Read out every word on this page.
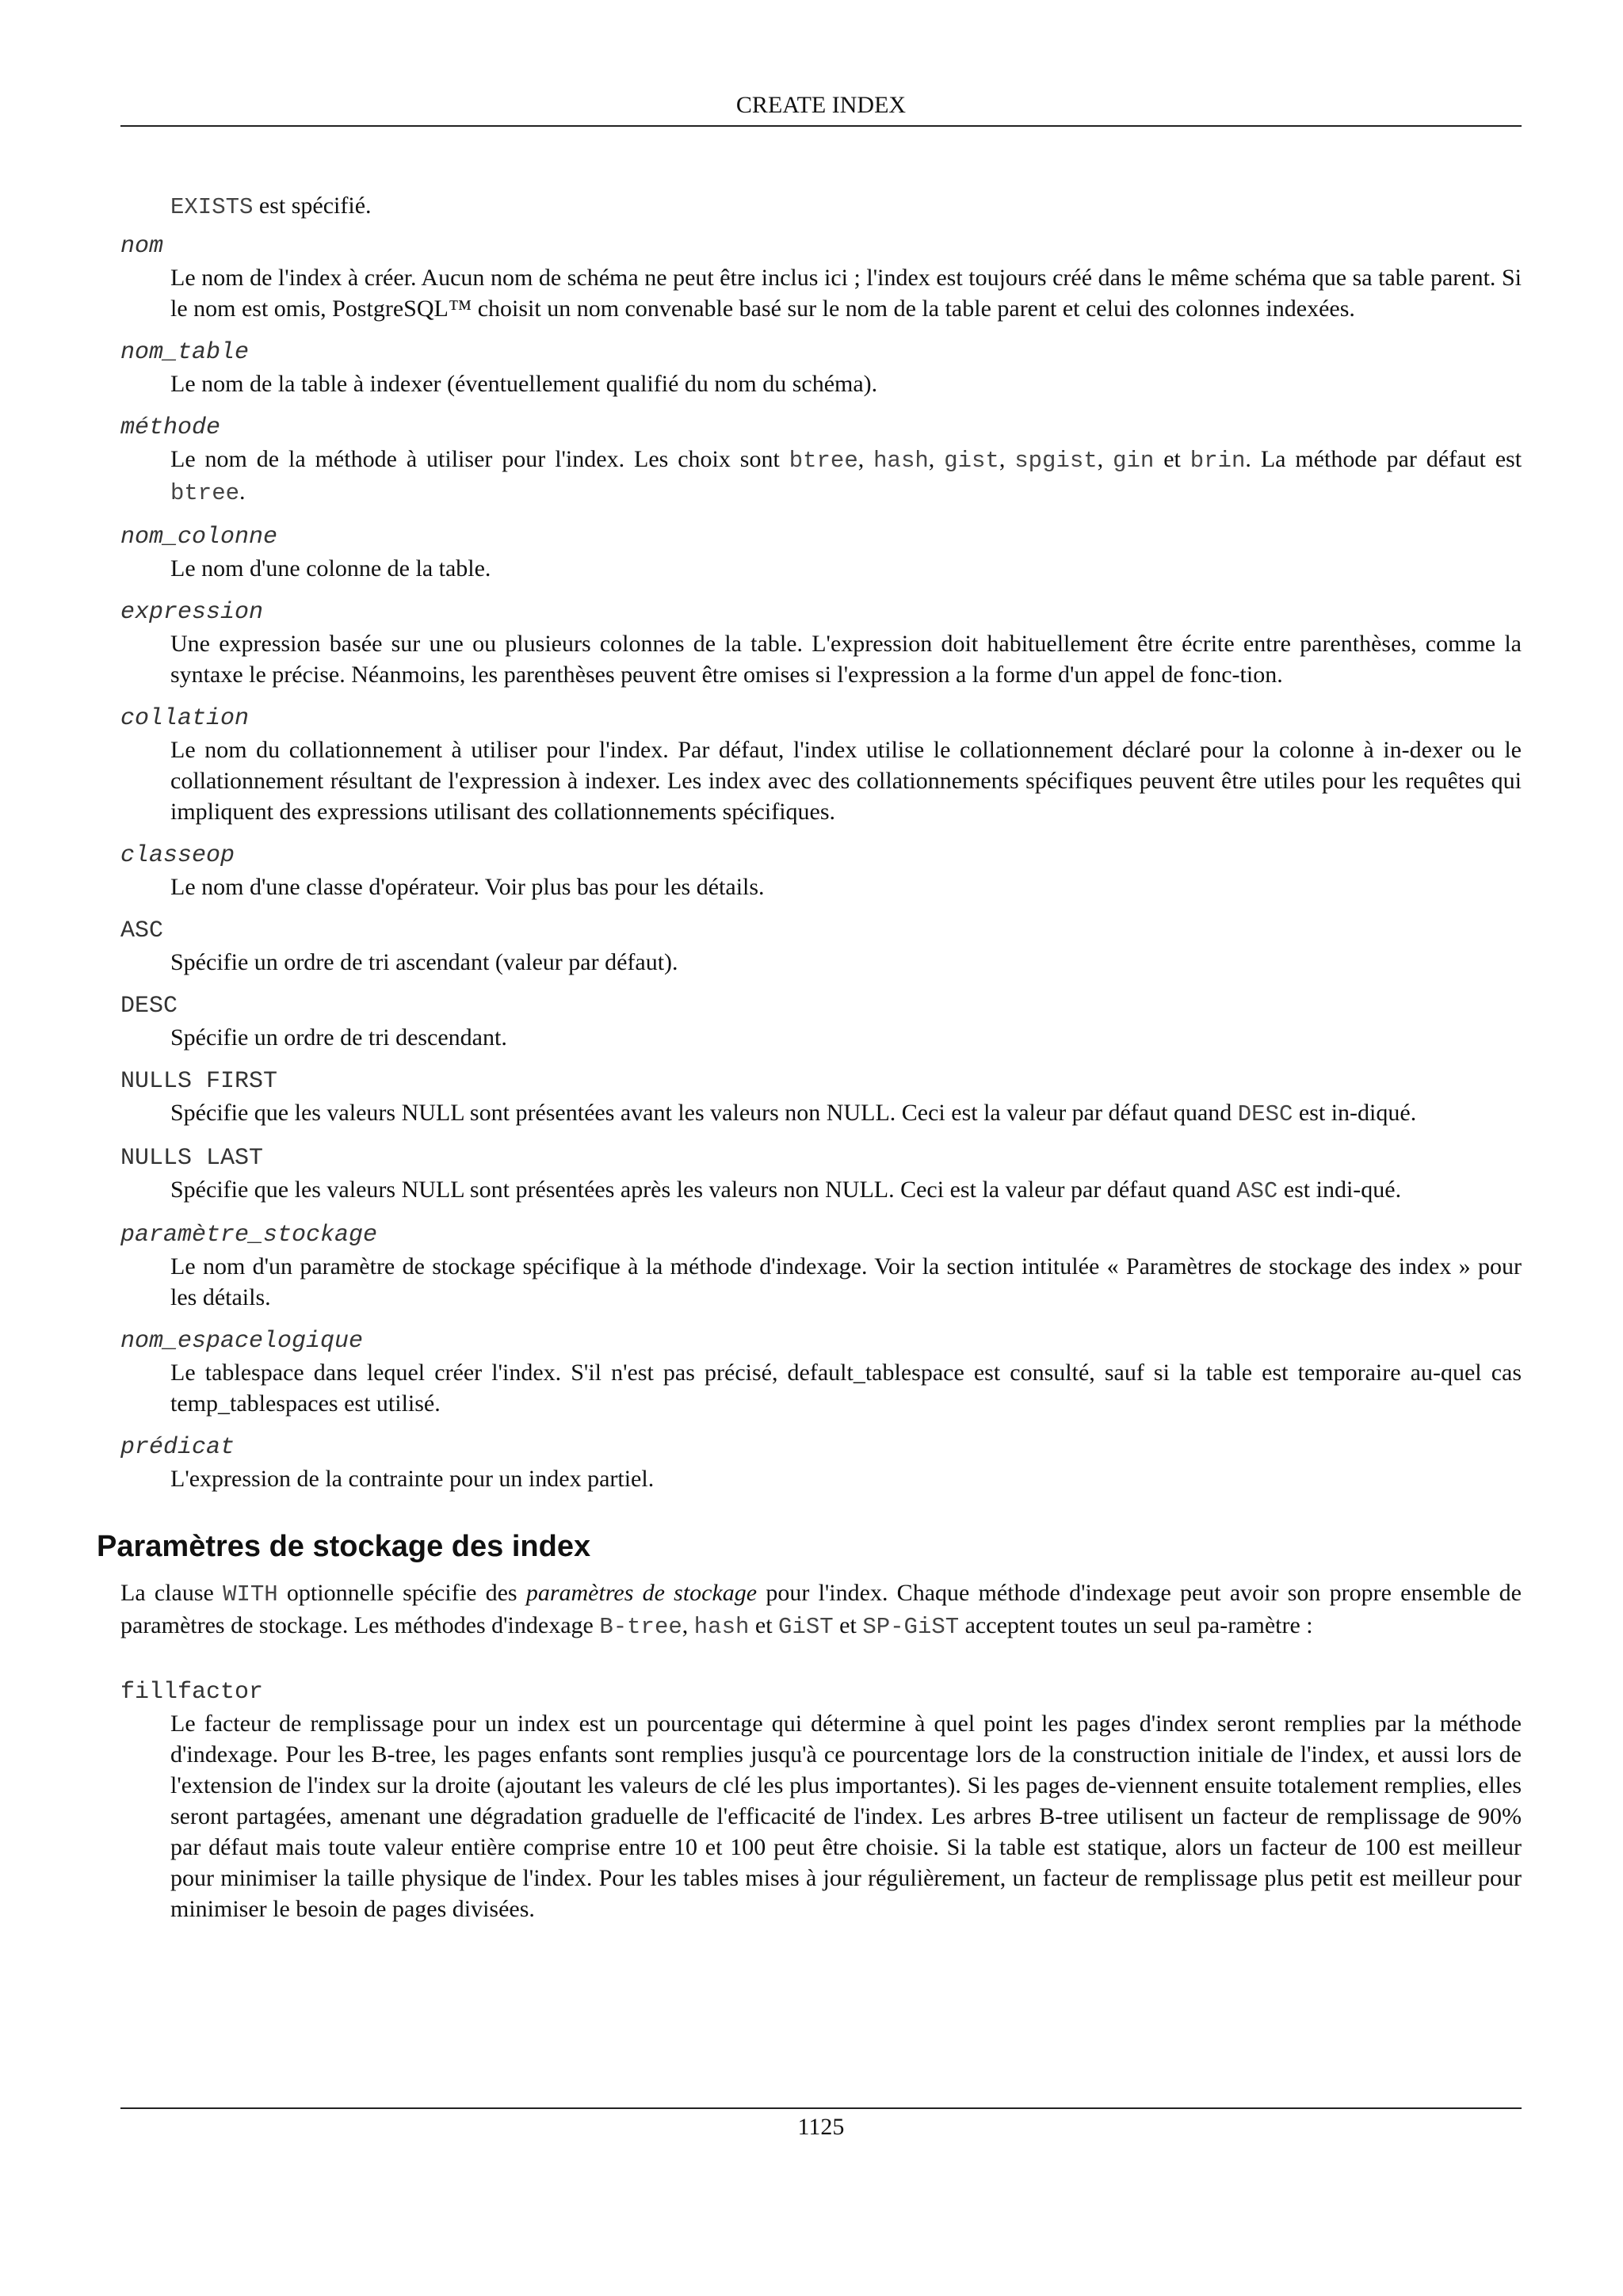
CREATE INDEX
EXISTS est spécifié.
nom
Le nom de l'index à créer. Aucun nom de schéma ne peut être inclus ici ; l'index est toujours créé dans le même schéma que sa table parent. Si le nom est omis, PostgreSQL™ choisit un nom convenable basé sur le nom de la table parent et celui des colonnes indexées.
nom_table
Le nom de la table à indexer (éventuellement qualifié du nom du schéma).
méthode
Le nom de la méthode à utiliser pour l'index. Les choix sont btree, hash, gist, spgist, gin et brin. La méthode par défaut est btree.
nom_colonne
Le nom d'une colonne de la table.
expression
Une expression basée sur une ou plusieurs colonnes de la table. L'expression doit habituellement être écrite entre parenthèses, comme la syntaxe le précise. Néanmoins, les parenthèses peuvent être omises si l'expression a la forme d'un appel de fonc-tion.
collation
Le nom du collationnement à utiliser pour l'index. Par défaut, l'index utilise le collationnement déclaré pour la colonne à in-dexer ou le collationnement résultant de l'expression à indexer. Les index avec des collationnements spécifiques peuvent être utiles pour les requêtes qui impliquent des expressions utilisant des collationnements spécifiques.
classeop
Le nom d'une classe d'opérateur. Voir plus bas pour les détails.
ASC
Spécifie un ordre de tri ascendant (valeur par défaut).
DESC
Spécifie un ordre de tri descendant.
NULLS FIRST
Spécifie que les valeurs NULL sont présentées avant les valeurs non NULL. Ceci est la valeur par défaut quand DESC est in-diqué.
NULLS LAST
Spécifie que les valeurs NULL sont présentées après les valeurs non NULL. Ceci est la valeur par défaut quand ASC est indi-qué.
paramètre_stockage
Le nom d'un paramètre de stockage spécifique à la méthode d'indexage. Voir la section intitulée « Paramètres de stockage des index » pour les détails.
nom_espacelogique
Le tablespace dans lequel créer l'index. S'il n'est pas précisé, default_tablespace est consulté, sauf si la table est temporaire au-quel cas temp_tablespaces est utilisé.
prédicat
L'expression de la contrainte pour un index partiel.
Paramètres de stockage des index
La clause WITH optionnelle spécifie des paramètres de stockage pour l'index. Chaque méthode d'indexage peut avoir son propre ensemble de paramètres de stockage. Les méthodes d'indexage B-tree, hash et GiST et SP-GiST acceptent toutes un seul pa-ramètre :
fillfactor
Le facteur de remplissage pour un index est un pourcentage qui détermine à quel point les pages d'index seront remplies par la méthode d'indexage. Pour les B-tree, les pages enfants sont remplies jusqu'à ce pourcentage lors de la construction initiale de l'index, et aussi lors de l'extension de l'index sur la droite (ajoutant les valeurs de clé les plus importantes). Si les pages de-viennent ensuite totalement remplies, elles seront partagées, amenant une dégradation graduelle de l'efficacité de l'index. Les arbres B-tree utilisent un facteur de remplissage de 90% par défaut mais toute valeur entière comprise entre 10 et 100 peut être choisie. Si la table est statique, alors un facteur de 100 est meilleur pour minimiser la taille physique de l'index. Pour les tables mises à jour régulièrement, un facteur de remplissage plus petit est meilleur pour minimiser le besoin de pages divisées.
1125
